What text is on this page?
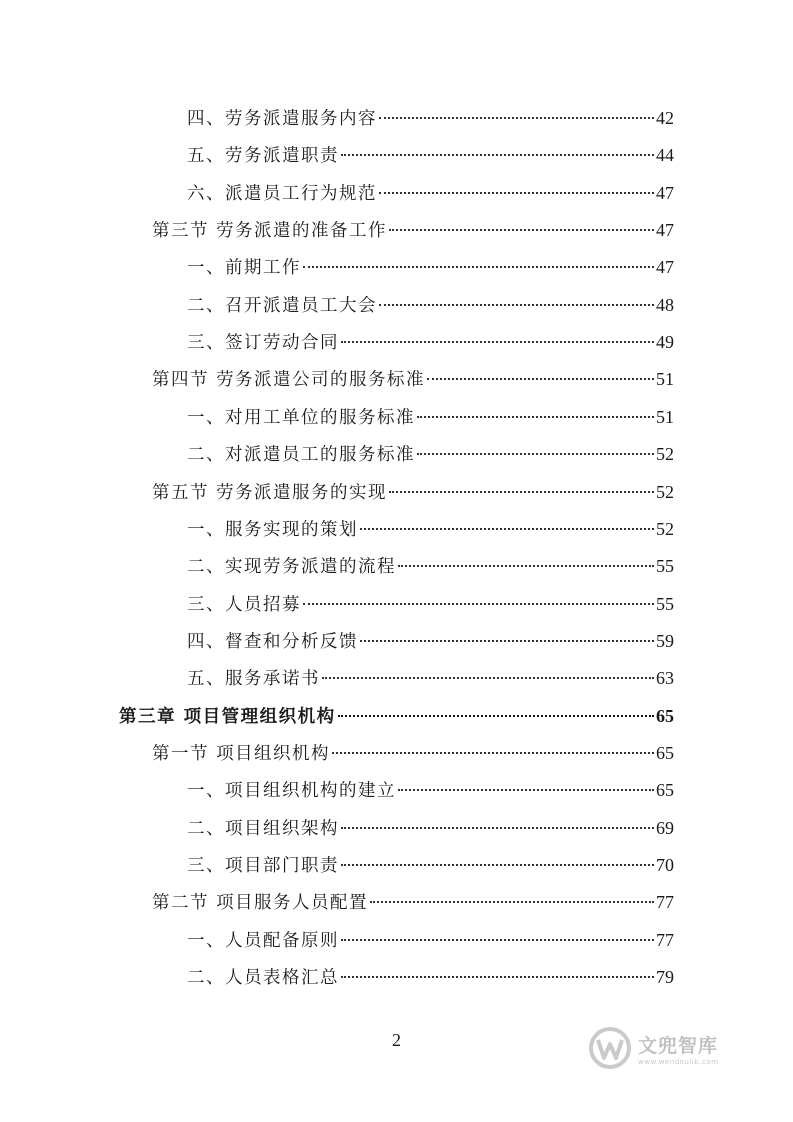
四、劳务派遣服务内容	42
五、劳务派遣职责	44
六、派遣员工行为规范	47
第三节 劳务派遣的准备工作	47
一、前期工作	47
二、召开派遣员工大会	48
三、签订劳动合同	49
第四节 劳务派遣公司的服务标准	51
一、对用工单位的服务标准	51
二、对派遣员工的服务标准	52
第五节 劳务派遣服务的实现	52
一、服务实现的策划	52
二、实现劳务派遣的流程	55
三、人员招募	55
四、督查和分析反馈	59
五、服务承诺书	63
第三章 项目管理组织机构	65
第一节 项目组织机构	65
一、项目组织机构的建立	65
二、项目组织架构	69
三、项目部门职责	70
第二节 项目服务人员配置	77
一、人员配备原则	77
二、人员表格汇总	79
2	文兜智库
www.wendoulib.com
